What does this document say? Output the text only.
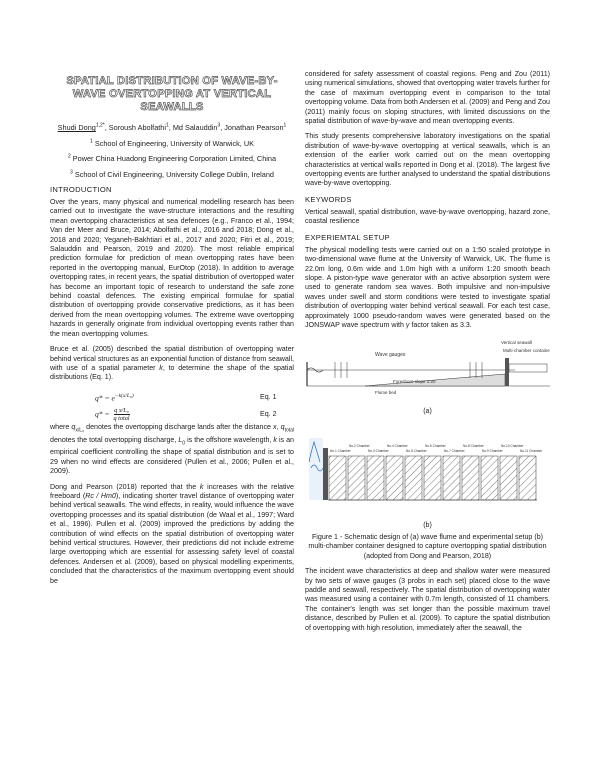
SPATIAL DISTRIBUTION OF WAVE-BY-WAVE OVERTOPPING AT VERTICAL SEAWALLS
Shudi Dong$^{1,2*}$, Soroush Abolfathi$^1$, Md Salauddin$^3$, Jonathan Pearson$^1$
$^1$ School of Engineering, University of Warwick, UK
$^2$ Power China Huadong Engineering Corporation Limited, China
$^3$ School of Civil Engineering, University College Dublin, Ireland
INTRODUCTION

Over the years, many physical and numerical modelling research has been carried out to investigate the wave-structure interactions and the resulting mean overtopping characteristics at sea defences (e.g., Franco et al., 1994; Van der Meer and Bruce, 2014; Abolfathi et al., 2016 and 2018; Dong et al., 2018 and 2020; Yeganeh-Bakhtiari et al., 2017 and 2020; Fitri et al., 2019; Salauddin and Pearson, 2019 and 2020). The most reliable empirical prediction formulae for prediction of mean overtopping rates have been reported in the overtopping manual, EurOtop (2018). In addition to average overtopping rates, in recent years, the spatial distribution of overtopped water has become an important topic of research to understand the safe zone behind coastal defences. The existing empirical formulae for spatial distribution of overtopping provide conservative predictions, as it has been derived from the mean overtopping volumes. The extreme wave overtopping hazards in generally originate from individual overtopping events rather than the mean overtopping volumes.

Bruce et al. (2005) described the spatial distribution of overtopping water behind vertical structures as an exponential function of distance from seawall, with use of a spatial parameter k, to determine the shape of the spatial distributions (Eq. 1).

$q* = e^{-k(x/L_0)}$	Eq. 1
q* = q x/L₀
q total
Eq. 2

where $q_{x/L_0}$ denotes the overtopping discharge lands after the distance x, $q_{total}$ denotes the total overtopping discharge, $L_0$ is the offshore wavelength, k is an empirical coefficient controlling the shape of spatial distribution and is set to 29 when no wind effects are considered (Pullen et al., 2006; Pullen et al., 2009).

Dong and Pearson (2018) reported that the k increases with the relative freeboard (Rc / Hm0), indicating shorter travel distance of overtopping water behind vertical seawalls. The wind effects, in reality, would influence the wave overtopping processes and its spatial distribution (de Waal et al., 1997; Ward et al., 1996). Pullen et al. (2009) improved the predictions by adding the contribution of wind effects on the spatial distribution of overtopping water behind vertical structures. However, their predictions did not include extreme large overtopping which are essential for assessing safety level of coastal defences. Andersen et al. (2009), based on physical modelling experiments, concluded that the characteristics of the maximum overtopping event should be

considered for safety assessment of coastal regions. Peng and Zou (2011) using numerical simulations, showed that overtopping water travels further for the case of maximum overtopping event in comparison to the total overtopping volume. Data from both Andersen et al. (2009) and Peng and Zou (2011) mainly focus on sloping structures, with limited discussions on the spatial distribution of wave-by-wave and mean overtopping events.

This study presents comprehensive laboratory investigations on the spatial distribution of wave-by-wave overtopping at vertical seawalls, which is an extension of the earlier work carried out on the mean overtopping characteristics at vertical walls reported in Dong et al. (2018). The largest five overtopping events are further analysed to understand the spatial distributions wave-by-wave overtopping.

KEYWORDS

Vertical seawall, spatial distribution, wave-by-wave overtopping, hazard zone, coastal resilience

EXPERIEMTAL SETUP

The physical modelling tests were carried out on a 1:50 scaled prototype in two-dimensional wave flume at the University of Warwick, UK. The flume is 22.0m long, 0.6m wide and 1.0m high with a uniform 1:20 smooth beach slope. A piston-type wave generator with an active absorption system were used to generate random sea waves. Both impulsive and non-impulsive waves under swell and storm conditions were tested to investigate spatial distribution of overtopping water behind vertical seawall. For each test case, approximately 1000 pseudo-random waves were generated based on the JONSWAP wave spectrum with γ factor taken as 3.3.

Wave gauges
Vertical seawall
Multi-chamber container
Foreshore slope 1:20
Flume bed
(a)
No.1 Chamber
No.2 Chamber
No.3 Chamber
No.4 Chamber
No.5 Chamber
No.6 Chamber
No.7 Chamber
No.8 Chamber
No.9 Chamber
No.10 Chamber
No.11 Chamber
(b)
Figure 1 - Schematic design of (a) wave flume and experimental setup (b) multi-chamber container designed to capture overtopping spatial distribution (adopted from Dong and Pearson, 2018)

The incident wave characteristics at deep and shallow water were measured by two sets of wave gauges (3 probs in each set) placed close to the wave paddle and seawall, respectively. The spatial distribution of overtopping water was measured using a container with 0.7m length, consisted of 11 chambers. The container's length was set longer than the possible maximum travel distance, described by Pullen et al. (2009). To capture the spatial distribution of overtopping with high resolution, immediately after the seawall, the
